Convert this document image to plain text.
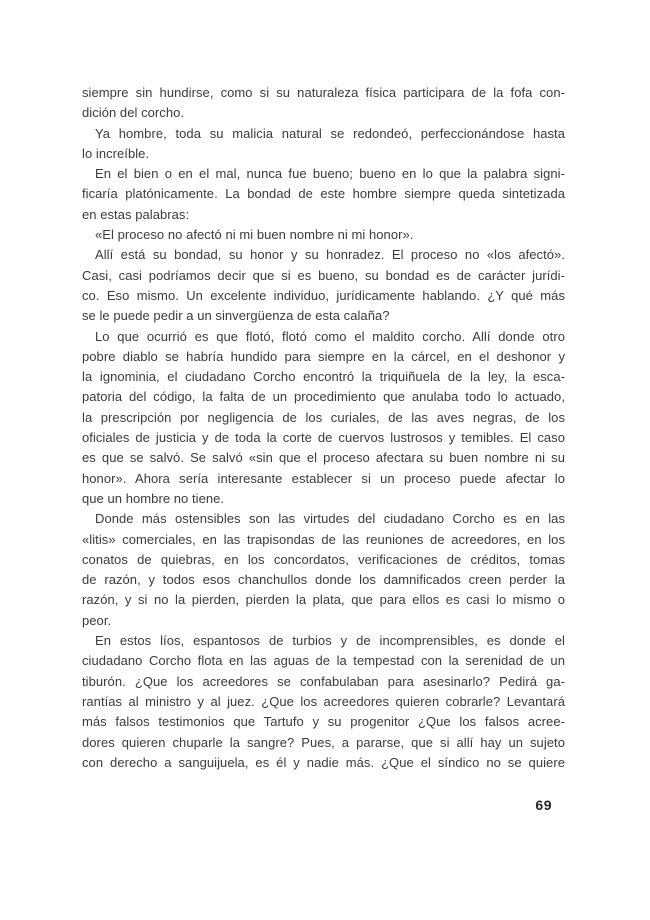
siempre sin hundirse, como si su naturaleza física participara de la fofa con-
dición del corcho.
Ya hombre, toda su malicia natural se redondeó, perfeccionándose hasta
lo increíble.
En el bien o en el mal, nunca fue bueno; bueno en lo que la palabra signi-
ficaría platónicamente. La bondad de este hombre siempre queda sintetizada
en estas palabras:
«El proceso no afectó ni mi buen nombre ni mi honor».
Allí está su bondad, su honor y su honradez. El proceso no «los afectó».
Casi, casi podríamos decir que si es bueno, su bondad es de carácter jurídi-
co. Eso mismo. Un excelente individuo, jurídicamente hablando. ¿Y qué más
se le puede pedir a un sinvergüenza de esta calaña?
Lo que ocurrió es que flotó, flotó como el maldito corcho. Allí donde otro
pobre diablo se habría hundido para siempre en la cárcel, en el deshonor y
la ignominia, el ciudadano Corcho encontró la triquiñuela de la ley, la esca-
patoria del código, la falta de un procedimiento que anulaba todo lo actuado,
la prescripción por negligencia de los curiales, de las aves negras, de los
oficiales de justicia y de toda la corte de cuervos lustrosos y temibles. El caso
es que se salvó. Se salvó «sin que el proceso afectara su buen nombre ni su
honor». Ahora sería interesante establecer si un proceso puede afectar lo
que un hombre no tiene.
Donde más ostensibles son las virtudes del ciudadano Corcho es en las
«litis» comerciales, en las trapisondas de las reuniones de acreedores, en los
conatos de quiebras, en los concordatos, verificaciones de créditos, tomas
de razón, y todos esos chanchullos donde los damnificados creen perder la
razón, y si no la pierden, pierden la plata, que para ellos es casi lo mismo o
peor.
En estos líos, espantosos de turbios y de incomprensibles, es donde el
ciudadano Corcho flota en las aguas de la tempestad con la serenidad de un
tiburón. ¿Que los acreedores se confabulaban para asesinarlo? Pedirá ga-
rantías al ministro y al juez. ¿Que los acreedores quieren cobrarle? Levantará
más falsos testimonios que Tartufo y su progenitor ¿Que los falsos acree-
dores quieren chuparle la sangre? Pues, a pararse, que si allí hay un sujeto
con derecho a sanguijuela, es él y nadie más. ¿Que el síndico no se quiere
69
